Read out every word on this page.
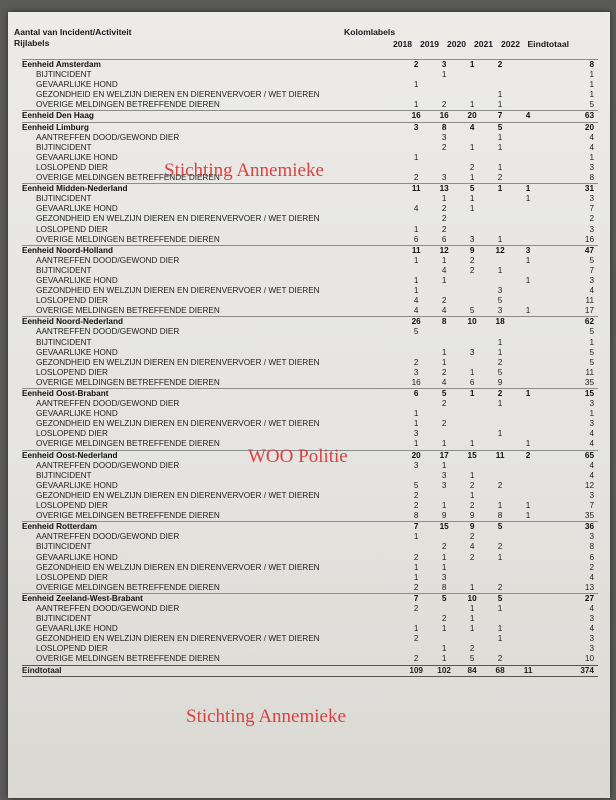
Aantal van Incident/Activiteit	Kolomlabels
Rijlabels	2018 2019 2020 2021 2022 Eindtotaal
Eenheid Amsterdam	2	3	1	2		8
BIJTINCIDENT		1				1
GEVAARLIJKE HOND	1					1
GEZONDHEID EN WELZIJN DIEREN EN DIERENVERVOER / WET DIEREN				1		1
OVERIGE MELDINGEN BETREFFENDE DIEREN	1	2	1	1		5
Eenheid Den Haag	16	16	20	7	4	63
Eenheid Limburg	3	8	4	5		20
AANTREFFEN DOOD/GEWOND DIER		3		1		4
BIJTINCIDENT		2	1	1		4
GEVAARLIJKE HOND	1					1
LOSLOPEND DIER			2	1		3
OVERIGE MELDINGEN BETREFFENDE DIEREN	2	3	1	2		8
Eenheid Midden-Nederland	11	13	5	1	1	31
BIJTINCIDENT		1	1		1	3
GEVAARLIJKE HOND	4	2	1			7
GEZONDHEID EN WELZIJN DIEREN EN DIERENVERVOER / WET DIEREN		2				2
LOSLOPEND DIER	1	2				3
OVERIGE MELDINGEN BETREFFENDE DIEREN	6	6	3	1		16
Eenheid Noord-Holland	11	12	9	12	3	47
AANTREFFEN DOOD/GEWOND DIER	1	1	2		1	5
BIJTINCIDENT		4	2	1		7
GEVAARLIJKE HOND	1	1			1	3
GEZONDHEID EN WELZIJN DIEREN EN DIERENVERVOER / WET DIEREN	1			3		4
LOSLOPEND DIER	4	2		5		11
OVERIGE MELDINGEN BETREFFENDE DIEREN	4	4	5	3	1	17
Eenheid Noord-Nederland	26	8	10	18		62
AANTREFFEN DOOD/GEWOND DIER	5					5
BIJTINCIDENT				1		1
GEVAARLIJKE HOND		1	3	1		5
GEZONDHEID EN WELZIJN DIEREN EN DIERENVERVOER / WET DIEREN	2	1		2		5
LOSLOPEND DIER	3	2	1	5		11
OVERIGE MELDINGEN BETREFFENDE DIEREN	16	4	6	9		35
Eenheid Oost-Brabant	6	5	1	2	1	15
AANTREFFEN DOOD/GEWOND DIER		2		1		3
GEVAARLIJKE HOND	1					1
GEZONDHEID EN WELZIJN DIEREN EN DIERENVERVOER / WET DIEREN	1	2				3
LOSLOPEND DIER	3			1		4
OVERIGE MELDINGEN BETREFFENDE DIEREN	1	1	1		1	4
Eenheid Oost-Nederland	20	17	15	11	2	65
AANTREFFEN DOOD/GEWOND DIER	3	1				4
BIJTINCIDENT		3	1			4
GEVAARLIJKE HOND	5	3	2	2		12
GEZONDHEID EN WELZIJN DIEREN EN DIERENVERVOER / WET DIEREN	2		1			3
LOSLOPEND DIER	2	1	2	1	1	7
OVERIGE MELDINGEN BETREFFENDE DIEREN	8	9	9	8	1	35
Eenheid Rotterdam	7	15	9	5		36
AANTREFFEN DOOD/GEWOND DIER	1		2			3
BIJTINCIDENT		2	4	2		8
GEVAARLIJKE HOND	2	1	2	1		6
GEZONDHEID EN WELZIJN DIEREN EN DIERENVERVOER / WET DIEREN	1	1				2
LOSLOPEND DIER	1	3				4
OVERIGE MELDINGEN BETREFFENDE DIEREN	2	8	1	2		13
Eenheid Zeeland-West-Brabant	7	5	10	5		27
AANTREFFEN DOOD/GEWOND DIER	2		1	1		4
BIJTINCIDENT		2	1			3
GEVAARLIJKE HOND	1	1	1	1		4
GEZONDHEID EN WELZIJN DIEREN EN DIERENVERVOER / WET DIEREN	2			1		3
LOSLOPEND DIER		1	2			3
OVERIGE MELDINGEN BETREFFENDE DIEREN	2	1	5	2		10
Eindtotaal	109	102	84	68	11	374
Stichting Annemieke
WOO Politie
Stichting Annemieke
